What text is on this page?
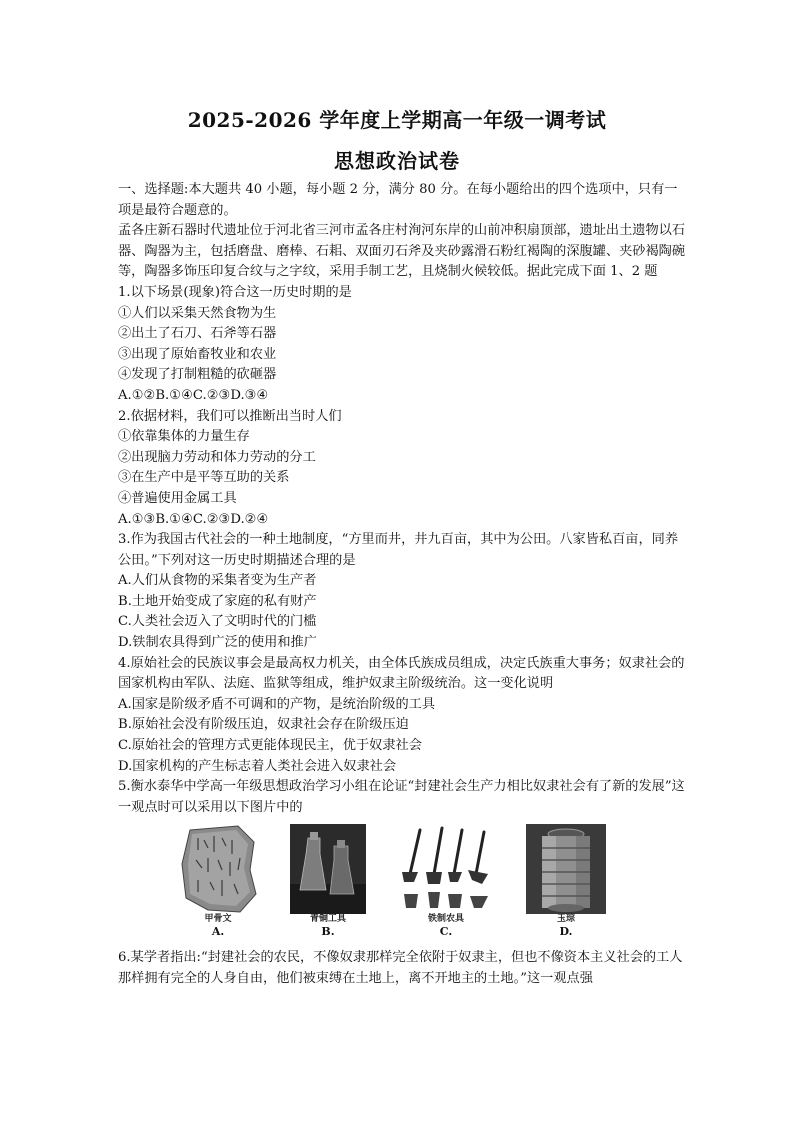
2025-2026 学年度上学期高一年级一调考试
思想政治试卷

一、选择题:本大题共 40 小题，每小题 2 分，满分 80 分。在每小题给出的四个选项中，只有一项是最符合题意的。

孟各庄新石器时代遗址位于河北省三河市孟各庄村洵河东岸的山前冲积扇顶部，遗址出土遗物以石器、陶器为主，包括磨盘、磨棒、石耜、双面刃石斧及夹砂露滑石粉红褐陶的深腹罐、夹砂褐陶碗等，陶器多饰压印复合纹与之字纹，采用手制工艺，且烧制火候较低。据此完成下面 1、2 题

1.以下场景(现象)符合这一历史时期的是

①人们以采集天然食物为生

②出土了石刀、石斧等石器

③出现了原始畜牧业和农业

④发现了打制粗糙的砍砸器

A.①②B.①④C.②③D.③④

2.依据材料，我们可以推断出当时人们

①依靠集体的力量生存

②出现脑力劳动和体力劳动的分工

③在生产中是平等互助的关系

④普遍使用金属工具

A.①③B.①④C.②③D.②④

3.作为我国古代社会的一种土地制度，“方里而井，井九百亩，其中为公田。八家皆私百亩，同养公田。”下列对这一历史时期描述合理的是

A.人们从食物的采集者变为生产者

B.土地开始变成了家庭的私有财产

C.人类社会迈入了文明时代的门槛

D.铁制农具得到广泛的使用和推广

4.原始社会的民族议事会是最高权力机关，由全体氏族成员组成，决定氏族重大事务；奴隶社会的国家机构由军队、法庭、监狱等组成，维护奴隶主阶级统治。这一变化说明

A.国家是阶级矛盾不可调和的产物，是统治阶级的工具

B.原始社会没有阶级压迫，奴隶社会存在阶级压迫

C.原始社会的管理方式更能体现民主，优于奴隶社会

D.国家机构的产生标志着人类社会进入奴隶社会

5.衡水泰华中学高一年级思想政治学习小组在论证“封建社会生产力相比奴隶社会有了新的发展”这一观点时可以采用以下图片中的

甲骨文
A.
青铜工具
B.
铁制农具
C.
玉琮
D.

6.某学者指出:“封建社会的农民，不像奴隶那样完全依附于奴隶主，但也不像资本主义社会的工人那样拥有完全的人身自由，他们被束缚在土地上，离不开地主的土地。”这一观点强
